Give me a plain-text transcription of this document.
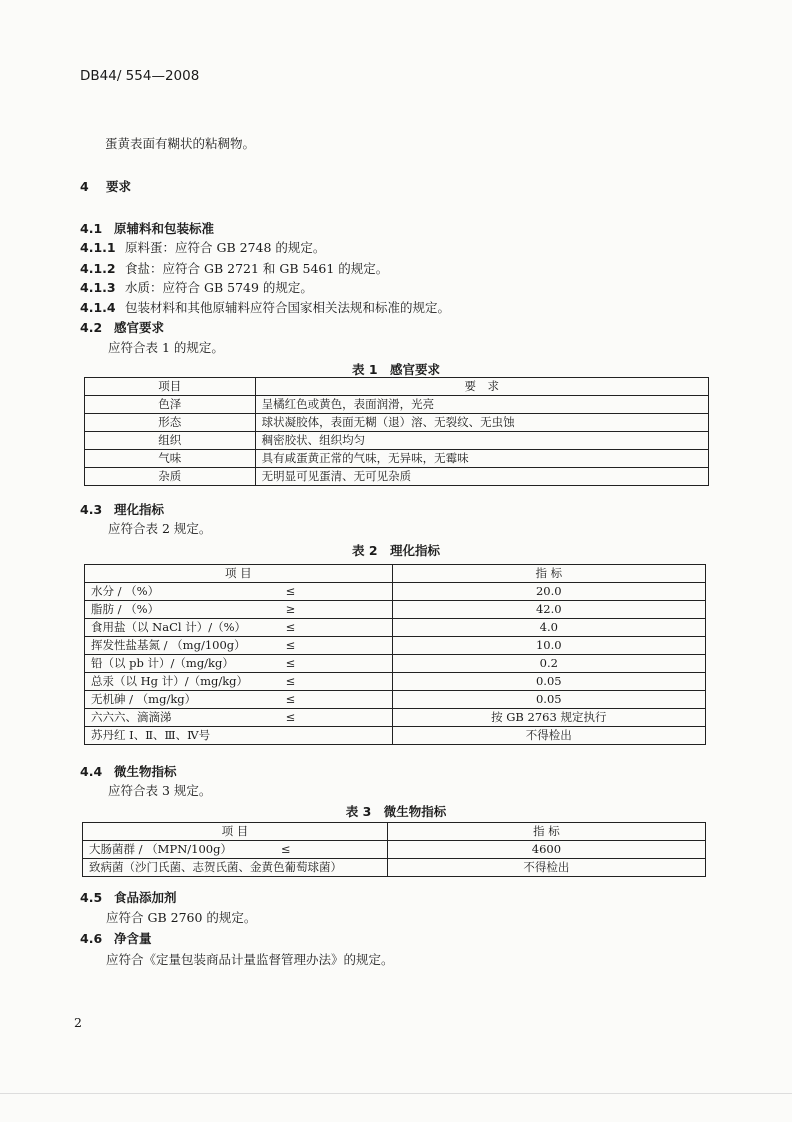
DB44/ 554—2008
蛋黄表面有糊状的粘稠物。
4 要求
4.1 原辅料和包装标准
4.1.1 原料蛋：应符合 GB 2748 的规定。
4.1.2 食盐：应符合 GB 2721 和 GB 5461 的规定。
4.1.3 水质：应符合 GB 5749 的规定。
4.1.4 包装材料和其他原辅料应符合国家相关法规和标准的规定。
4.2 感官要求
应符合表 1 的规定。
表 1　感官要求
项目	要　求
色泽	呈橘红色或黄色，表面润滑，光亮
形态	球状凝胶体，表面无糊（退）溶、无裂纹、无虫蚀
组织	稠密胶状、组织均匀
气味	具有咸蛋黄正常的气味，无异味，无霉味
杂质	无明显可见蛋清、无可见杂质
4.3 理化指标
应符合表 2 规定。
表 2　理化指标
项 目	指 标
水分 / （%） ≤	20.0
脂肪 / （%） ≥	42.0
食用盐（以 NaCl 计）/（%） ≤	4.0
挥发性盐基氮 / （mg/100g） ≤	10.0
铅（以 pb 计）/（mg/kg） ≤	0.2
总汞（以 Hg 计）/（mg/kg） ≤	0.05
无机砷 / （mg/kg） ≤	0.05
六六六、滴滴涕 ≤	按 GB 2763 规定执行
苏丹红 Ⅰ、Ⅱ、Ⅲ、Ⅳ号	不得检出
4.4 微生物指标
应符合表 3 规定。
表 3　微生物指标
项 目	指 标
大肠菌群 / （MPN/100g） ≤	4600
致病菌（沙门氏菌、志贺氏菌、金黄色葡萄球菌）	不得检出
4.5 食品添加剂
应符合 GB 2760 的规定。
4.6 净含量
应符合《定量包装商品计量监督管理办法》的规定。
2
